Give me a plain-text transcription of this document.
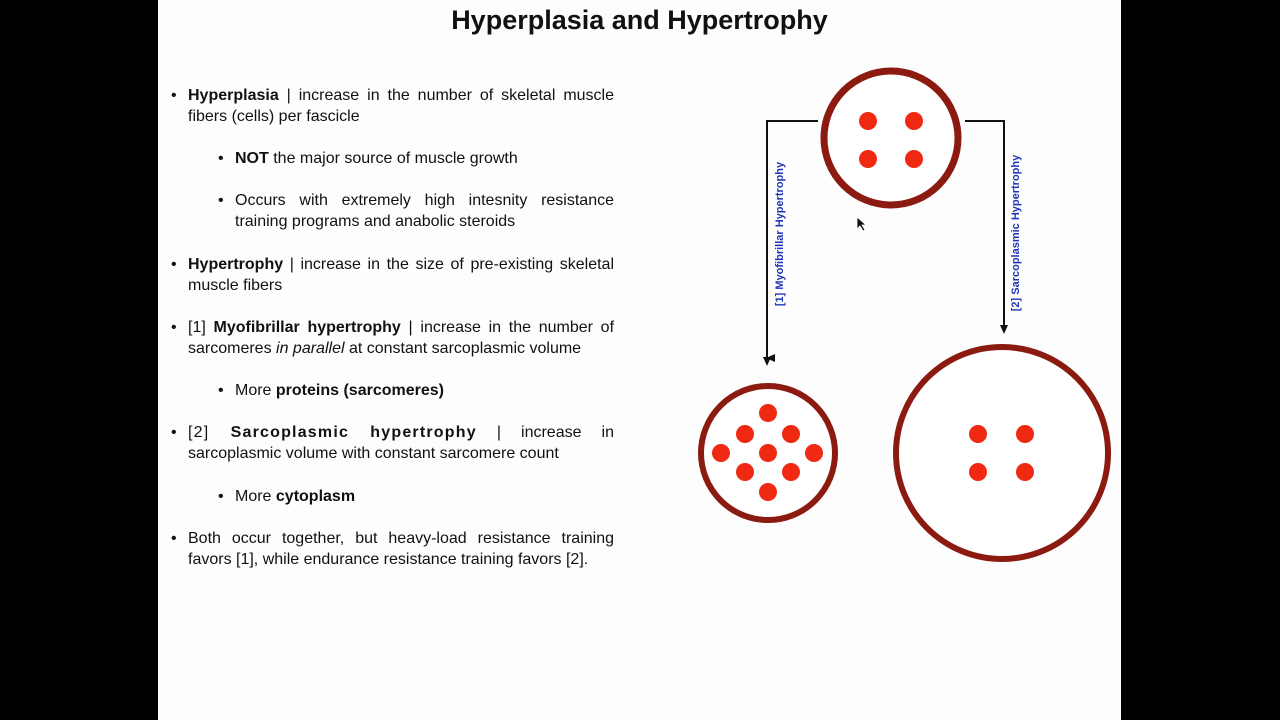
Hyperplasia and Hypertrophy
• Hyperplasia | increase in the number of skeletal muscle fibers (cells) per fascicle
• NOT the major source of muscle growth
• Occurs with extremely high intesnity resistance training programs and anabolic steroids
• Hypertrophy | increase in the size of pre-existing skeletal muscle fibers
• [1] Myofibrillar hypertrophy | increase in the number of sarcomeres in parallel at constant sarcoplasmic volume
• More proteins (sarcomeres)
• [2] Sarcoplasmic hypertrophy | increase in sarcoplasmic volume with constant sarcomere count
• More cytoplasm
• Both occur together, but heavy-load resistance training favors [1], while endurance resistance training favors [2].
[1] Myofibrillar Hypertrophy	[2] Sarcoplasmic Hypertrophy
